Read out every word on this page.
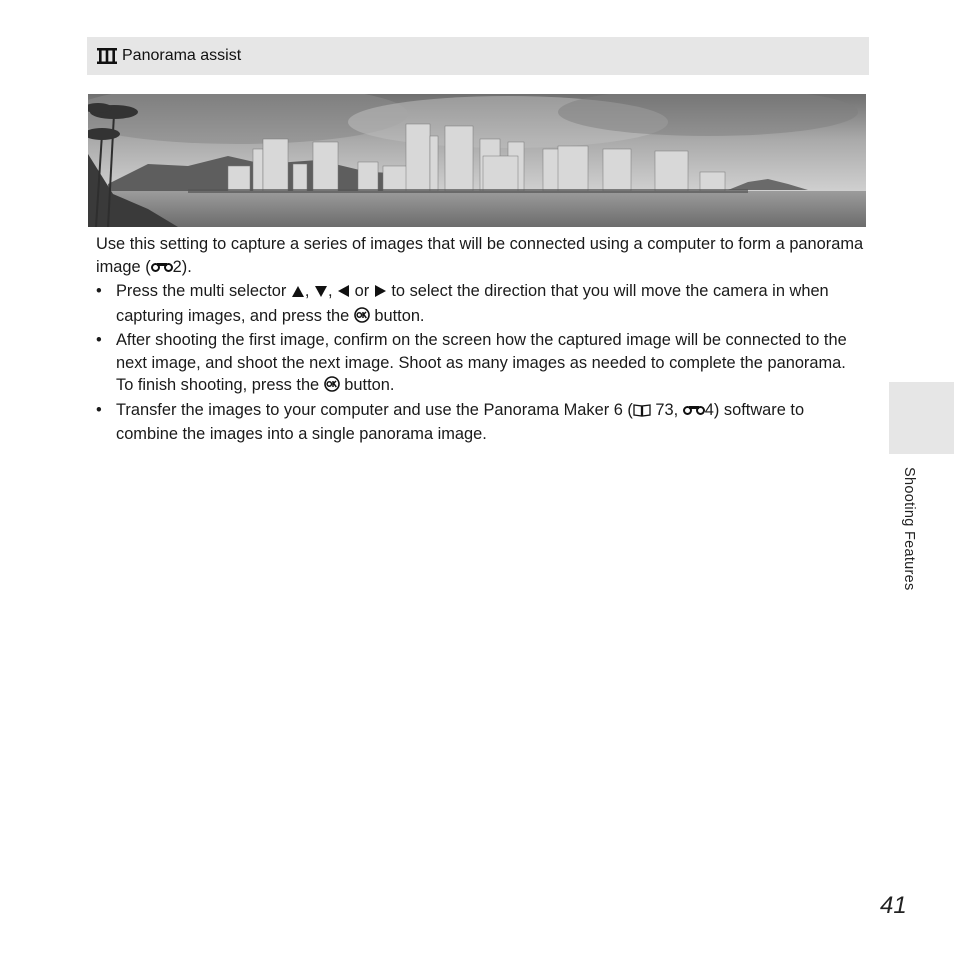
Panorama assist

Use this setting to capture a series of images that will be connected using a computer to form a panorama image ( 2).

• Press the multi selector , ,  or  to select the direction that you will move the camera in when capturing images, and press the  button.
• After shooting the first image, confirm on the screen how the captured image will be connected to the next image, and shoot the next image. Shoot as many images as needed to complete the panorama. To finish shooting, press the  button.
• Transfer the images to your computer and use the Panorama Maker 6 ( 73, 4) software to combine the images into a single panorama image.
Shooting Features
41
